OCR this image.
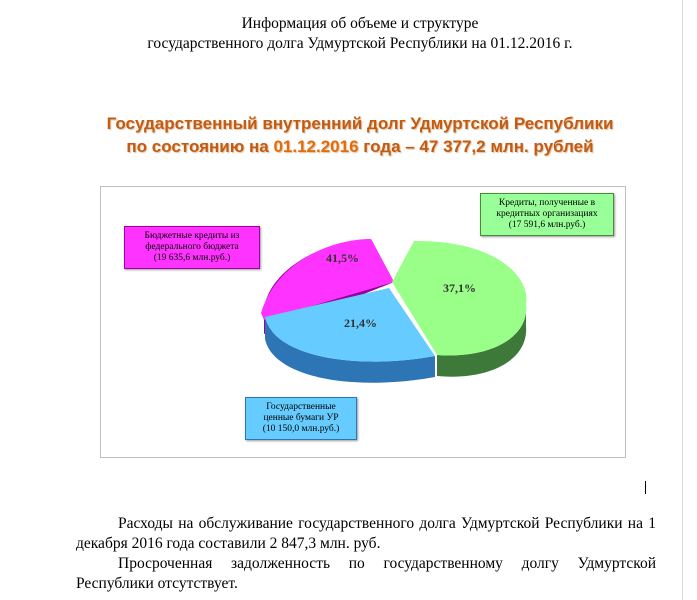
Информация об объеме и структуре
государственного долга Удмуртской Республики на 01.12.2016 г.
Государственный внутренний долг Удмуртской Республики
по состоянию на 01.12.2016 года – 47 377,2 млн. рублей
41,5%
37,1%
21,4%
Бюджетные кредиты из
федерального бюджета
(19 635,6 млн.руб.)
Кредиты, полученные в
кредитных организациях
(17 591,6 млн.руб.)
Государственные
ценные бумаги УР
(10 150,0 млн.руб.)
Расходы на обслуживание государственного долга Удмуртской Республики на 1 декабря 2016 года составили 2 847,3 млн. руб.
Просроченная задолженность по государственному долгу Удмуртской Республики отсутствует.
